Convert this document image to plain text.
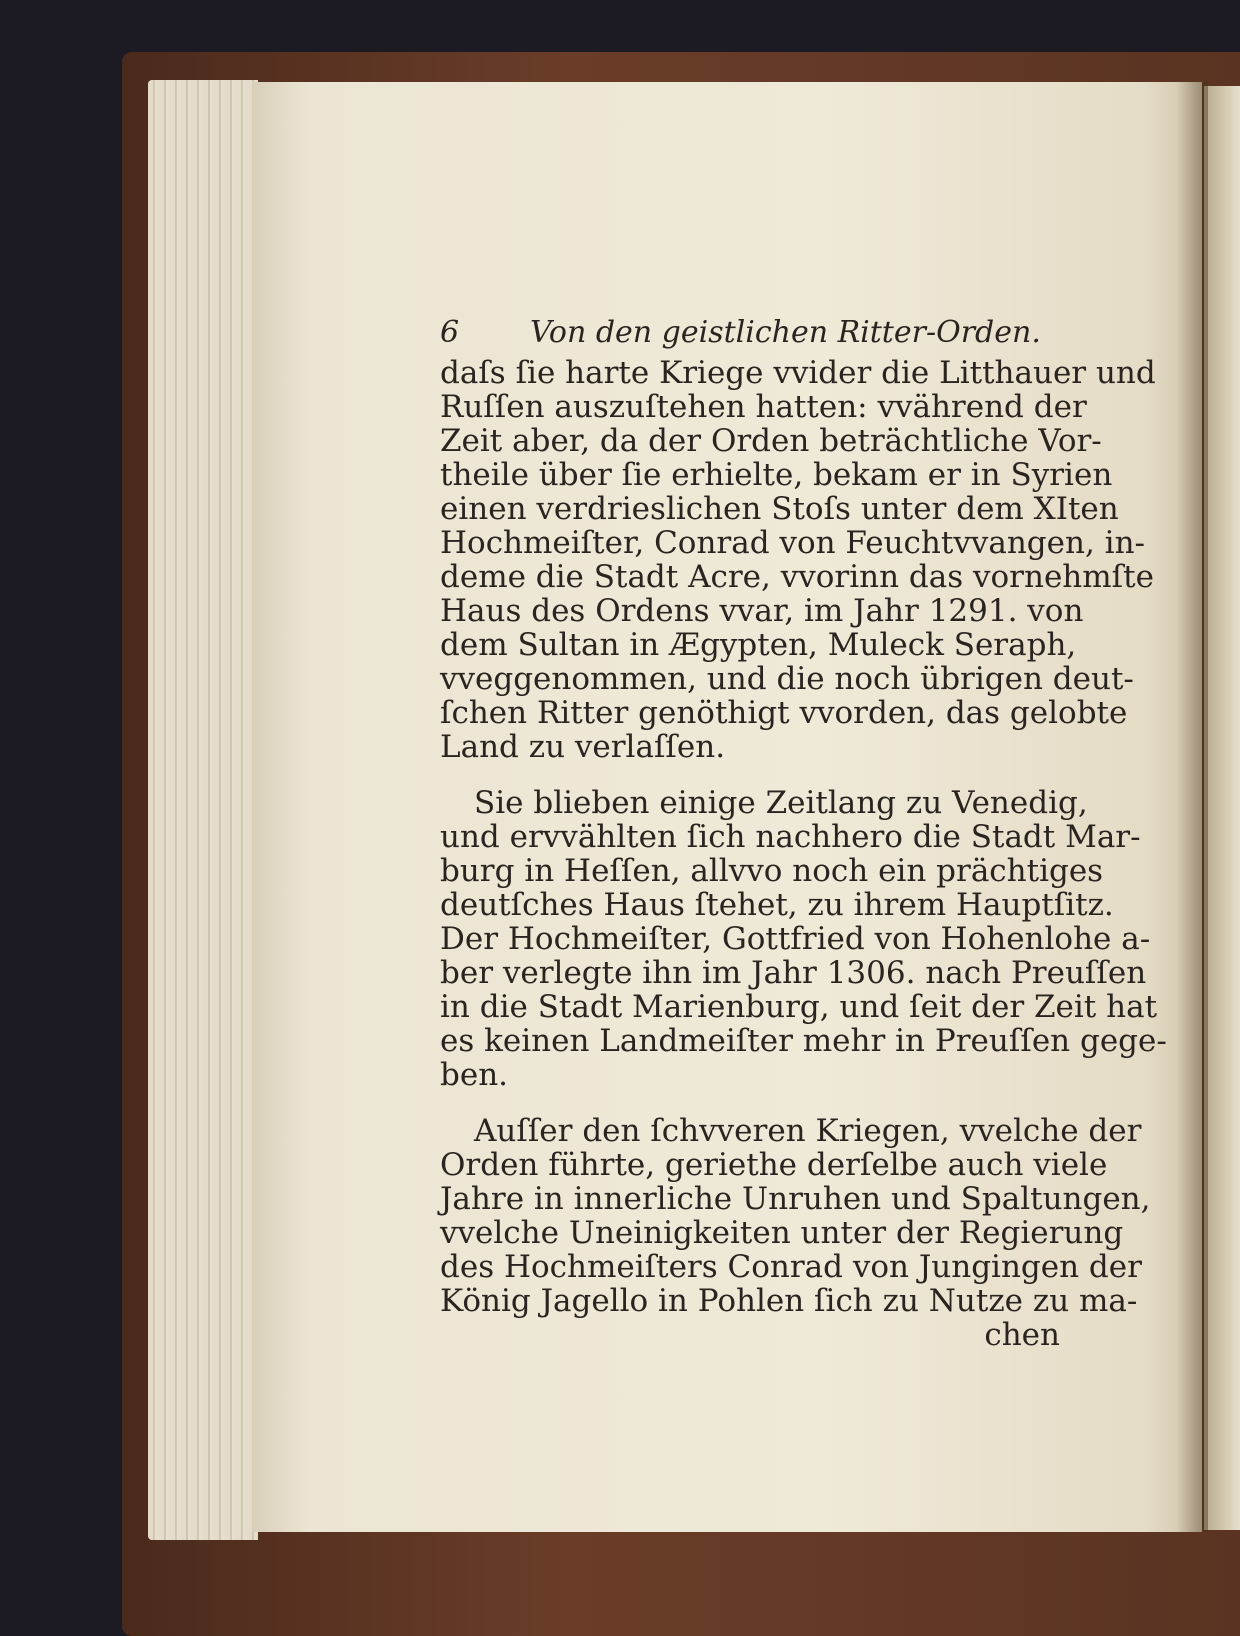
6	Von den geistlichen Ritter-Orden.
daſs ſie harte Kriege vvider die Litthauer und
Ruſſen auszuſtehen hatten: vvährend der
Zeit aber, da der Orden beträchtliche Vor-
theile über ſie erhielte, bekam er in Syrien
einen verdrieslichen Stoſs unter dem XIten
Hochmeiſter, Conrad von Feuchtvvangen, in-
deme die Stadt Acre, vvorinn das vornehmſte
Haus des Ordens vvar, im Jahr 1291. von
dem Sultan in Ægypten, Muleck Seraph,
vveggenommen, und die noch übrigen deut-
ſchen Ritter genöthigt vvorden, das gelobte
Land zu verlaſſen.
Sie blieben einige Zeitlang zu Venedig,
und ervvählten ſich nachhero die Stadt Mar-
burg in Heſſen, allvvo noch ein prächtiges
deutſches Haus ſtehet, zu ihrem Hauptſitz.
Der Hochmeiſter, Gottfried von Hohenlohe a-
ber verlegte ihn im Jahr 1306. nach Preuſſen
in die Stadt Marienburg, und ſeit der Zeit hat
es keinen Landmeiſter mehr in Preuſſen gege-
ben.
Auſſer den ſchvveren Kriegen, vvelche der
Orden führte, geriethe derſelbe auch viele
Jahre in innerliche Unruhen und Spaltungen,
vvelche Uneinigkeiten unter der Regierung
des Hochmeiſters Conrad von Jungingen der
König Jagello in Pohlen ſich zu Nutze zu ma-
chen
